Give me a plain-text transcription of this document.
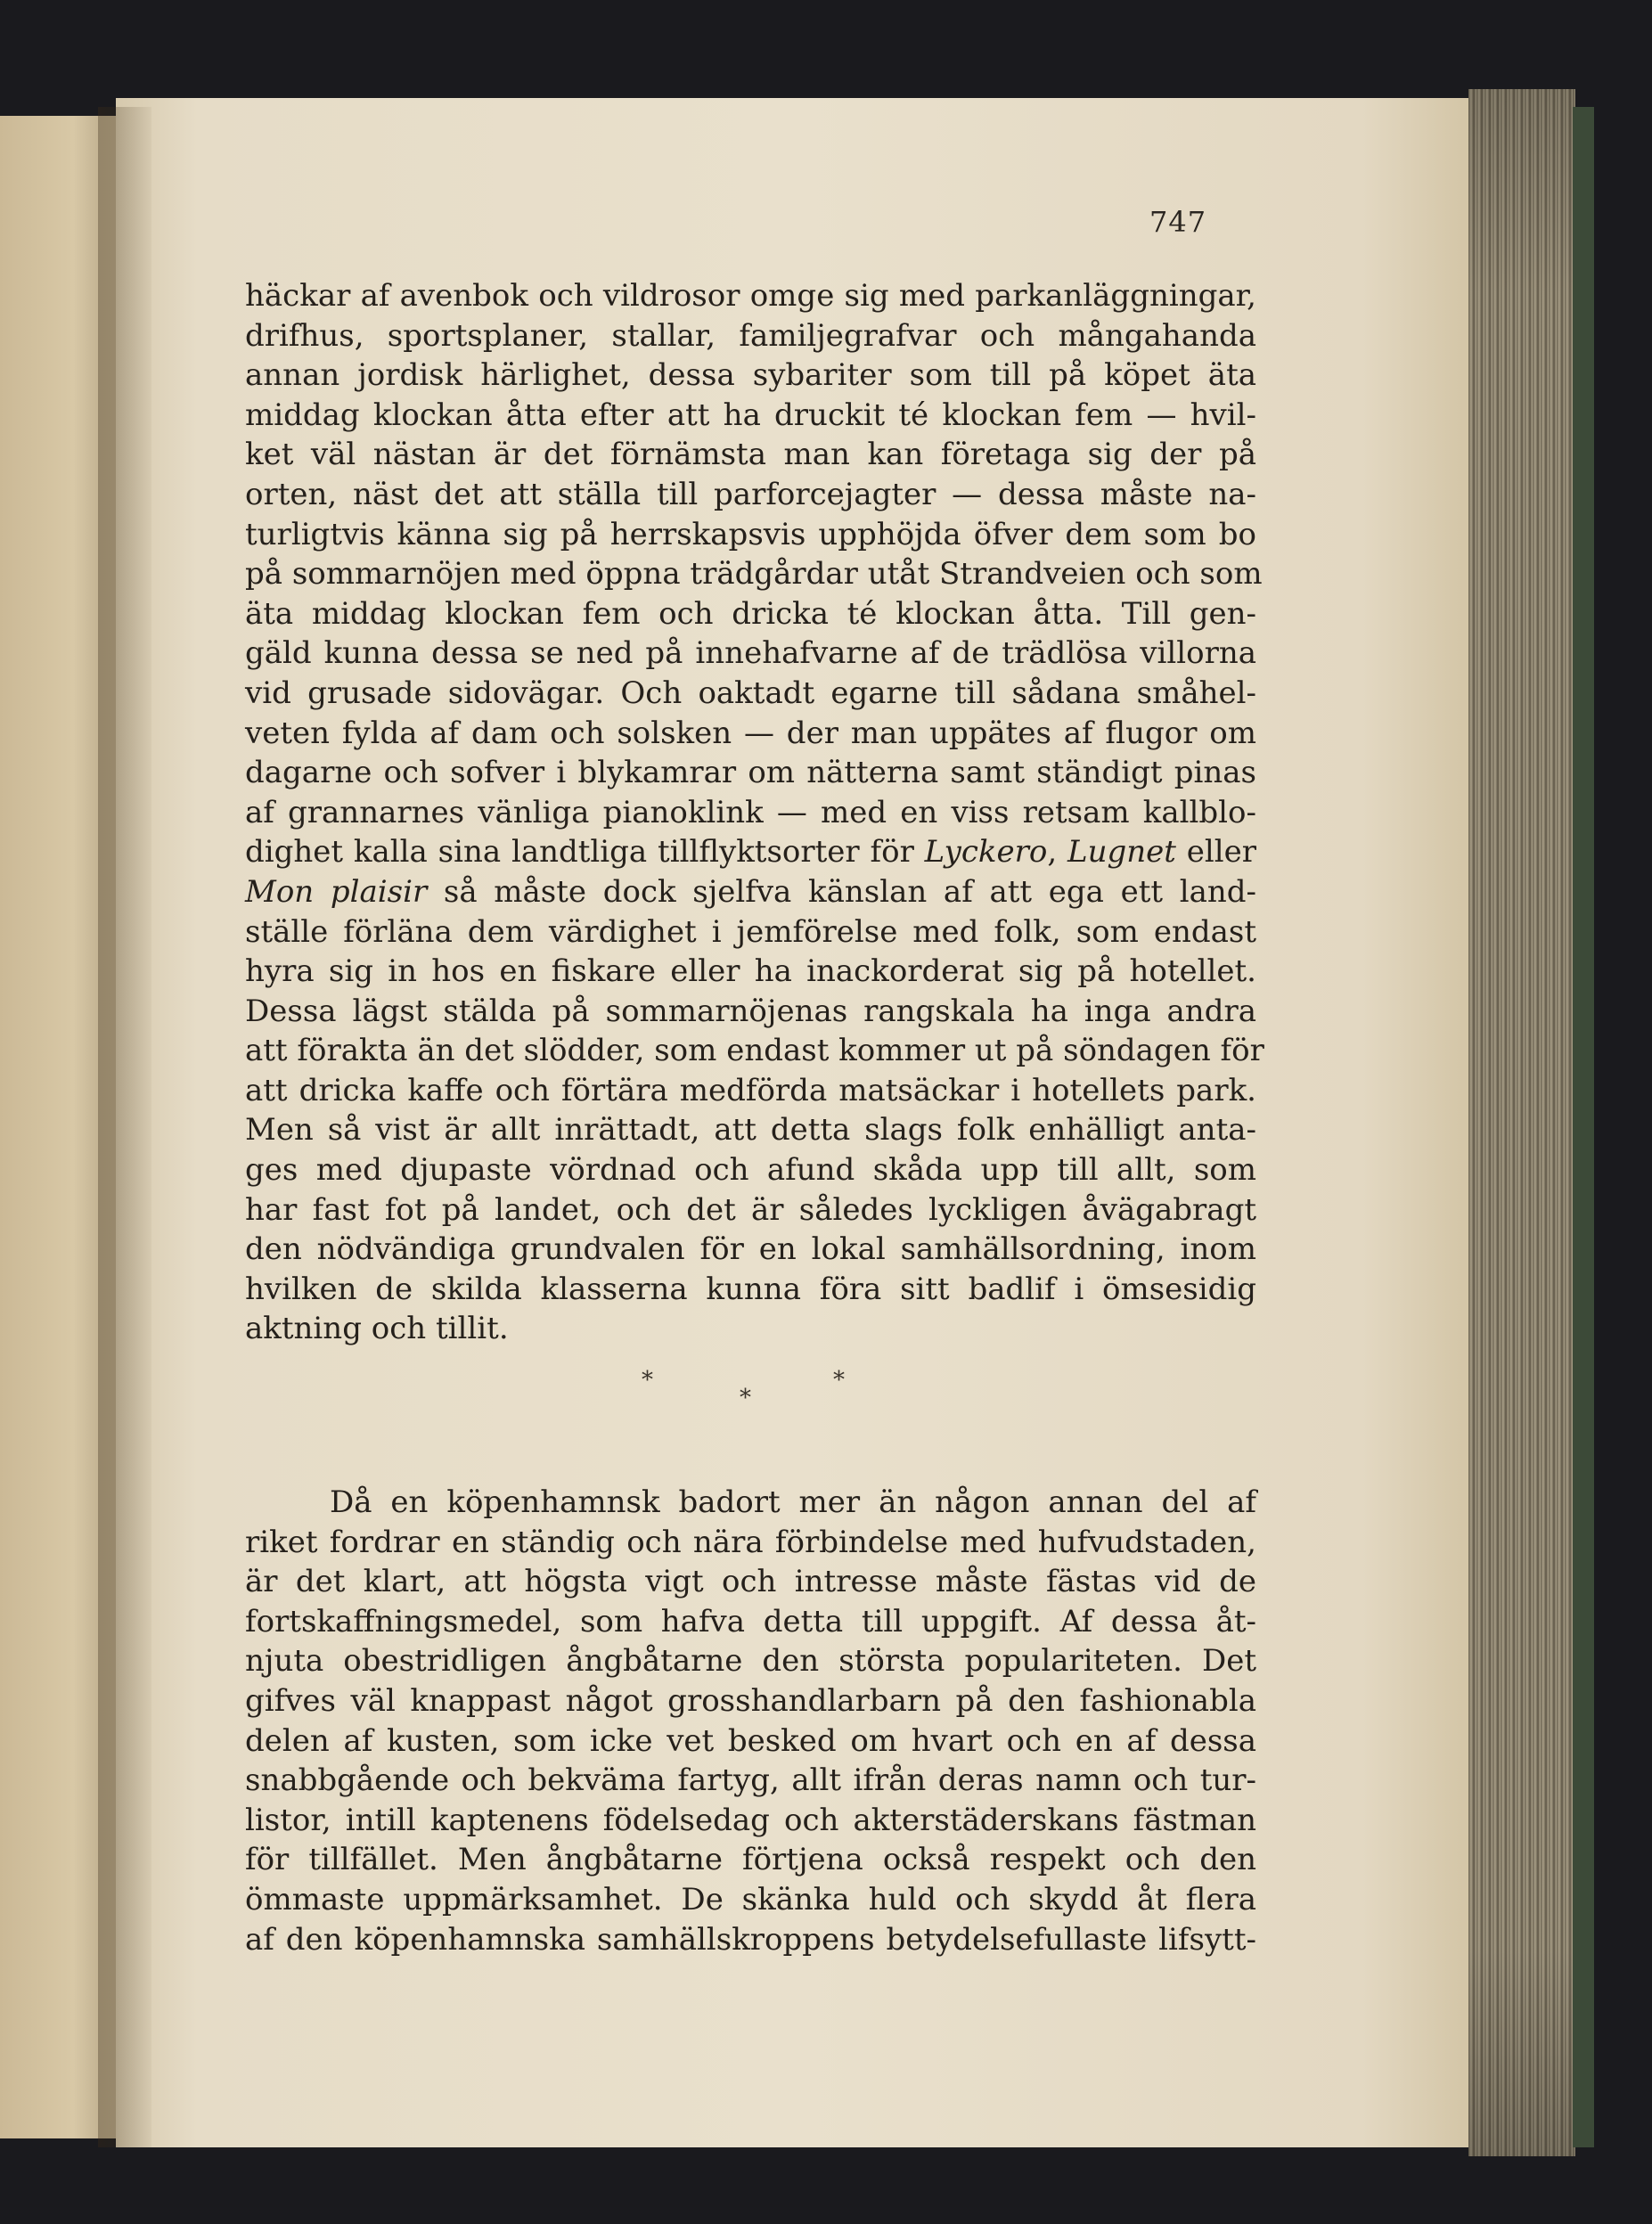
747
häckar af avenbok och vildrosor omge sig med parkanläggningar,
drifhus, sportsplaner, stallar, familjegrafvar och mångahanda
annan jordisk härlighet, dessa sybariter som till på köpet äta
middag klockan åtta efter att ha druckit té klockan fem — hvil-
ket väl nästan är det förnämsta man kan företaga sig der på
orten, näst det att ställa till parforcejagter — dessa måste na-
turligtvis känna sig på herrskapsvis upphöjda öfver dem som bo
på sommarnöjen med öppna trädgårdar utåt Strandveien och som
äta middag klockan fem och dricka té klockan åtta. Till gen-
gäld kunna dessa se ned på innehafvarne af de trädlösa villorna
vid grusade sidovägar. Och oaktadt egarne till sådana småhel-
veten fylda af dam och solsken — der man uppätes af flugor om
dagarne och sofver i blykamrar om nätterna samt ständigt pinas
af grannarnes vänliga pianoklink — med en viss retsam kallblo-
dighet kalla sina landtliga tillflyktsorter för Lyckero, Lugnet eller
Mon plaisir så måste dock sjelfva känslan af att ega ett land-
ställe förläna dem värdighet i jemförelse med folk, som endast
hyra sig in hos en fiskare eller ha inackorderat sig på hotellet.
Dessa lägst stälda på sommarnöjenas rangskala ha inga andra
att förakta än det slödder, som endast kommer ut på söndagen för
att dricka kaffe och förtära medförda matsäckar i hotellets park.
Men så vist är allt inrättadt, att detta slags folk enhälligt anta-
ges med djupaste vördnad och afund skåda upp till allt, som
har fast fot på landet, och det är således lyckligen åvägabragt
den nödvändiga grundvalen för en lokal samhällsordning, inom
hvilken de skilda klasserna kunna föra sitt badlif i ömsesidig
aktning och tillit.
*
*
*
Då en köpenhamnsk badort mer än någon annan del af
riket fordrar en ständig och nära förbindelse med hufvudstaden,
är det klart, att högsta vigt och intresse måste fästas vid de
fortskaffningsmedel, som hafva detta till uppgift. Af dessa åt-
njuta obestridligen ångbåtarne den största populariteten. Det
gifves väl knappast något grosshandlarbarn på den fashionabla
delen af kusten, som icke vet besked om hvart och en af dessa
snabbgående och bekväma fartyg, allt ifrån deras namn och tur-
listor, intill kaptenens födelsedag och akterstäderskans fästman
för tillfället. Men ångbåtarne förtjena också respekt och den
ömmaste uppmärksamhet. De skänka huld och skydd åt flera
af den köpenhamnska samhällskroppens betydelsefullaste lifsytt-
